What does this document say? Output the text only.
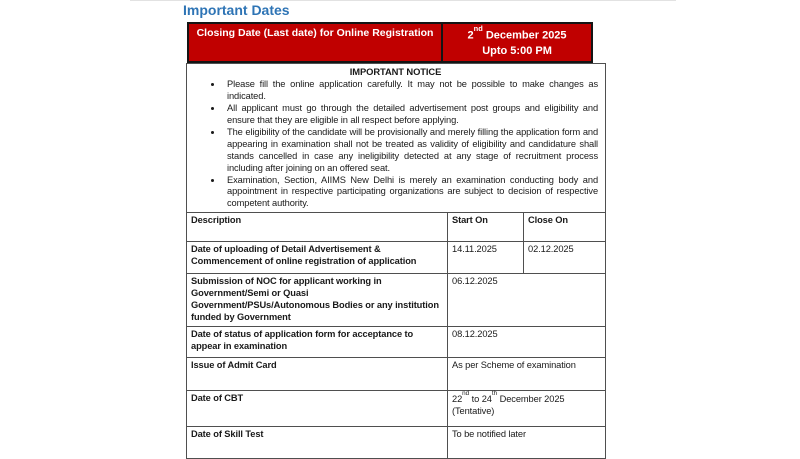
Important Dates
Closing Date (Last date) for Online Registration	2nd December 2025
Upto 5:00 PM
IMPORTANT NOTICE
• Please fill the online application carefully. It may not be possible to make changes as indicated.
• All applicant must go through the detailed advertisement post groups and eligibility and ensure that they are eligible in all respect before applying.
• The eligibility of the candidate will be provisionally and merely filling the application form and appearing in examination shall not be treated as validity of eligibility and candidature shall stands cancelled in case any ineligibility detected at any stage of recruitment process including after joining on an offered seat.
• Examination, Section, AIIMS New Delhi is merely an examination conducting body and appointment in respective participating organizations are subject to decision of respective competent authority.

Description	Start On	Close On
Date of uploading of Detail Advertisement & Commencement of online registration of application	14.11.2025	02.12.2025
Submission of NOC for applicant working in Government/Semi or Quasi Government/PSUs/Autonomous Bodies or any institution funded by Government	06.12.2025	
Date of status of application form for acceptance to appear in examination	08.12.2025	
Issue of Admit Card	As per Scheme of examination	
Date of CBT	22nd to 24th December 2025 (Tentative)	
Date of Skill Test	To be notified later	
